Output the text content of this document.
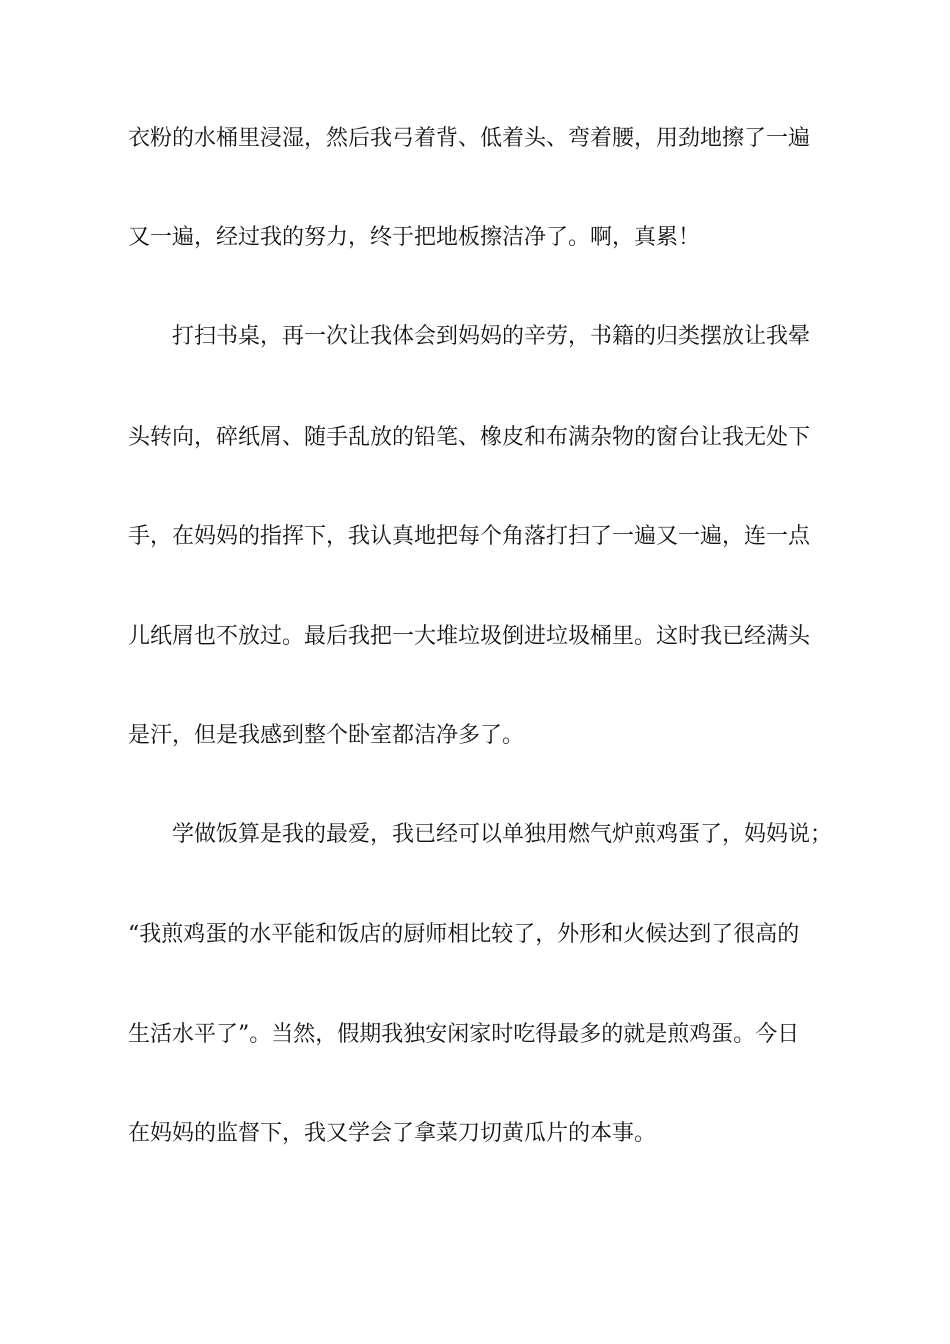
衣粉的水桶里浸湿，然后我弓着背、低着头、弯着腰，用劲地擦了一遍

又一遍，经过我的努力，终于把地板擦洁净了。啊，真累！

打扫书桌，再一次让我体会到妈妈的辛劳，书籍的归类摆放让我晕

头转向，碎纸屑、随手乱放的铅笔、橡皮和布满杂物的窗台让我无处下

手，在妈妈的指挥下，我认真地把每个角落打扫了一遍又一遍，连一点

儿纸屑也不放过。最后我把一大堆垃圾倒进垃圾桶里。这时我已经满头

是汗，但是我感到整个卧室都洁净多了。

学做饭算是我的最爱，我已经可以单独用燃气炉煎鸡蛋了，妈妈说；

“我煎鸡蛋的水平能和饭店的厨师相比较了，外形和火候达到了很高的

生活水平了”。当然，假期我独安闲家时吃得最多的就是煎鸡蛋。今日

在妈妈的监督下，我又学会了拿菜刀切黄瓜片的本事。
